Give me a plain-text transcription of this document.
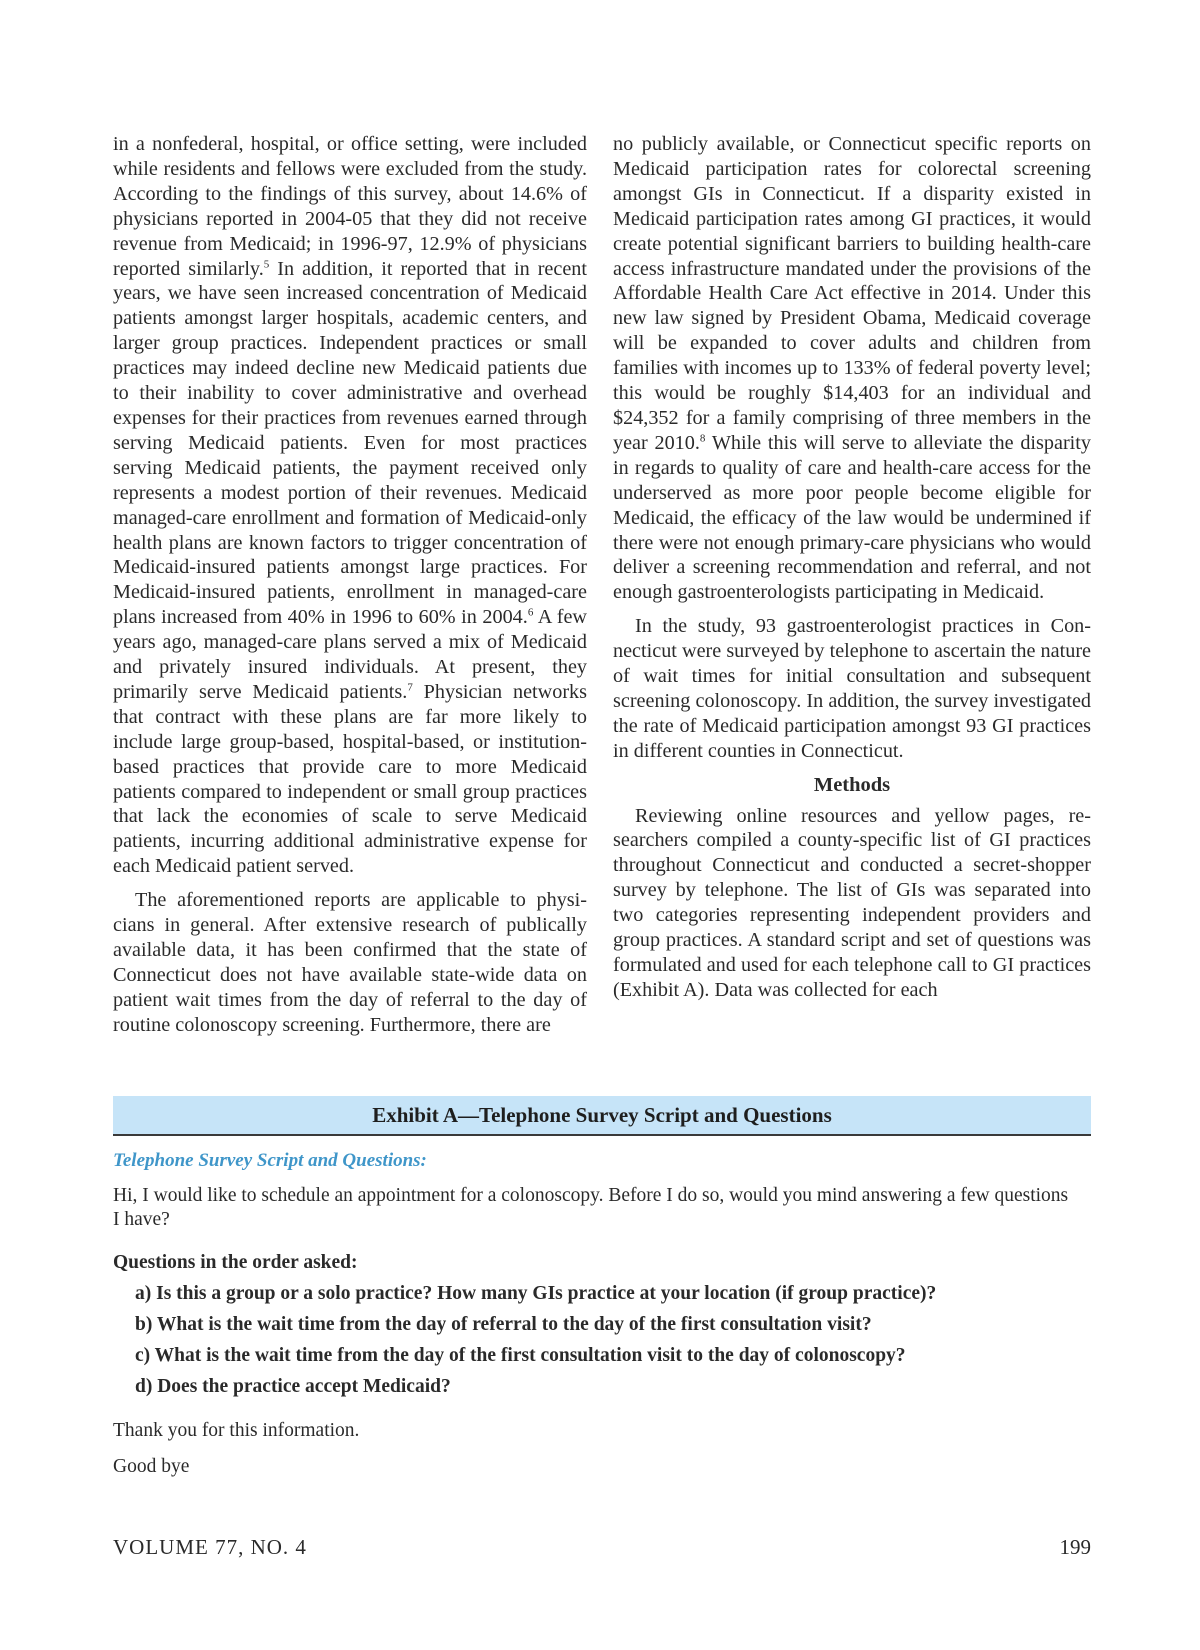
in a nonfederal, hospital, or office setting, were included while residents and fellows were excluded from the study. According to the findings of this survey, about 14.6% of physicians reported in 2004-05 that they did not receive revenue from Medicaid; in 1996-97, 12.9% of physicians reported similarly.$^5$ In addition, it reported that in recent years, we have seen increased concentration of Medicaid patients amongst larger hospitals, academic centers, and larger group practices. Independent practices or small practices may indeed decline new Medicaid patients due to their inability to cover administrative and overhead expenses for their practices from revenues earned through serving Medicaid patients. Even for most practices serving Medicaid patients, the payment received only represents a modest portion of their revenues. Medicaid managed-care enrollment and formation of Medicaid-only health plans are known factors to trigger concentration of Medicaid-insured patients amongst large practices. For Medicaid-insured patients, enrollment in managed-care plans increased from 40% in 1996 to 60% in 2004.$^6$ A few years ago, managed-care plans served a mix of Medicaid and privately insured individuals. At present, they primarily serve Medicaid patients.$^7$ Physician networks that contract with these plans are far more likely to include large group-based, hospital-based, or institution-based practices that provide care to more Medicaid patients compared to independent or small group practices that lack the economies of scale to serve Medicaid patients, incurring additional administrative expense for each Medicaid patient served.

The aforementioned reports are applicable to physicians in general. After extensive research of publically available data, it has been confirmed that the state of Connecticut does not have available state-wide data on patient wait times from the day of referral to the day of routine colonoscopy screening. Furthermore, there are

no publicly available, or Connecticut specific reports on Medicaid participation rates for colorectal screening amongst GIs in Connecticut. If a disparity existed in Medicaid participation rates among GI practices, it would create potential significant barriers to building health-care access infrastructure mandated under the provisions of the Affordable Health Care Act effective in 2014. Under this new law signed by President Obama, Medicaid coverage will be expanded to cover adults and children from families with incomes up to 133% of federal poverty level; this would be roughly $14,403 for an individual and $24,352 for a family comprising of three members in the year 2010.$^8$ While this will serve to alleviate the disparity in regards to quality of care and health-care access for the underserved as more poor people become eligible for Medicaid, the efficacy of the law would be undermined if there were not enough primary-care physicians who would deliver a screening recommendation and referral, and not enough gastroenterologists participating in Medicaid.

In the study, 93 gastroenterologist practices in Connecticut were surveyed by telephone to ascertain the nature of wait times for initial consultation and subsequent screening colonoscopy. In addition, the survey investigated the rate of Medicaid participation amongst 93 GI practices in different counties in Connecticut.

Methods

Reviewing online resources and yellow pages, researchers compiled a county-specific list of GI practices throughout Connecticut and conducted a secret-shopper survey by telephone. The list of GIs was separated into two categories representing independent providers and group practices. A standard script and set of questions was formulated and used for each telephone call to GI practices (Exhibit A). Data was collected for each

Exhibit A—Telephone Survey Script and Questions
Telephone Survey Script and Questions:
Hi, I would like to schedule an appointment for a colonoscopy. Before I do so, would you mind answering a few questions I have?
Questions in the order asked:
a) Is this a group or a solo practice? How many GIs practice at your location (if group practice)?
b) What is the wait time from the day of referral to the day of the first consultation visit?
c) What is the wait time from the day of the first consultation visit to the day of colonoscopy?
d) Does the practice accept Medicaid?
Thank you for this information.
Good bye
VOLUME 77, NO. 4	199
